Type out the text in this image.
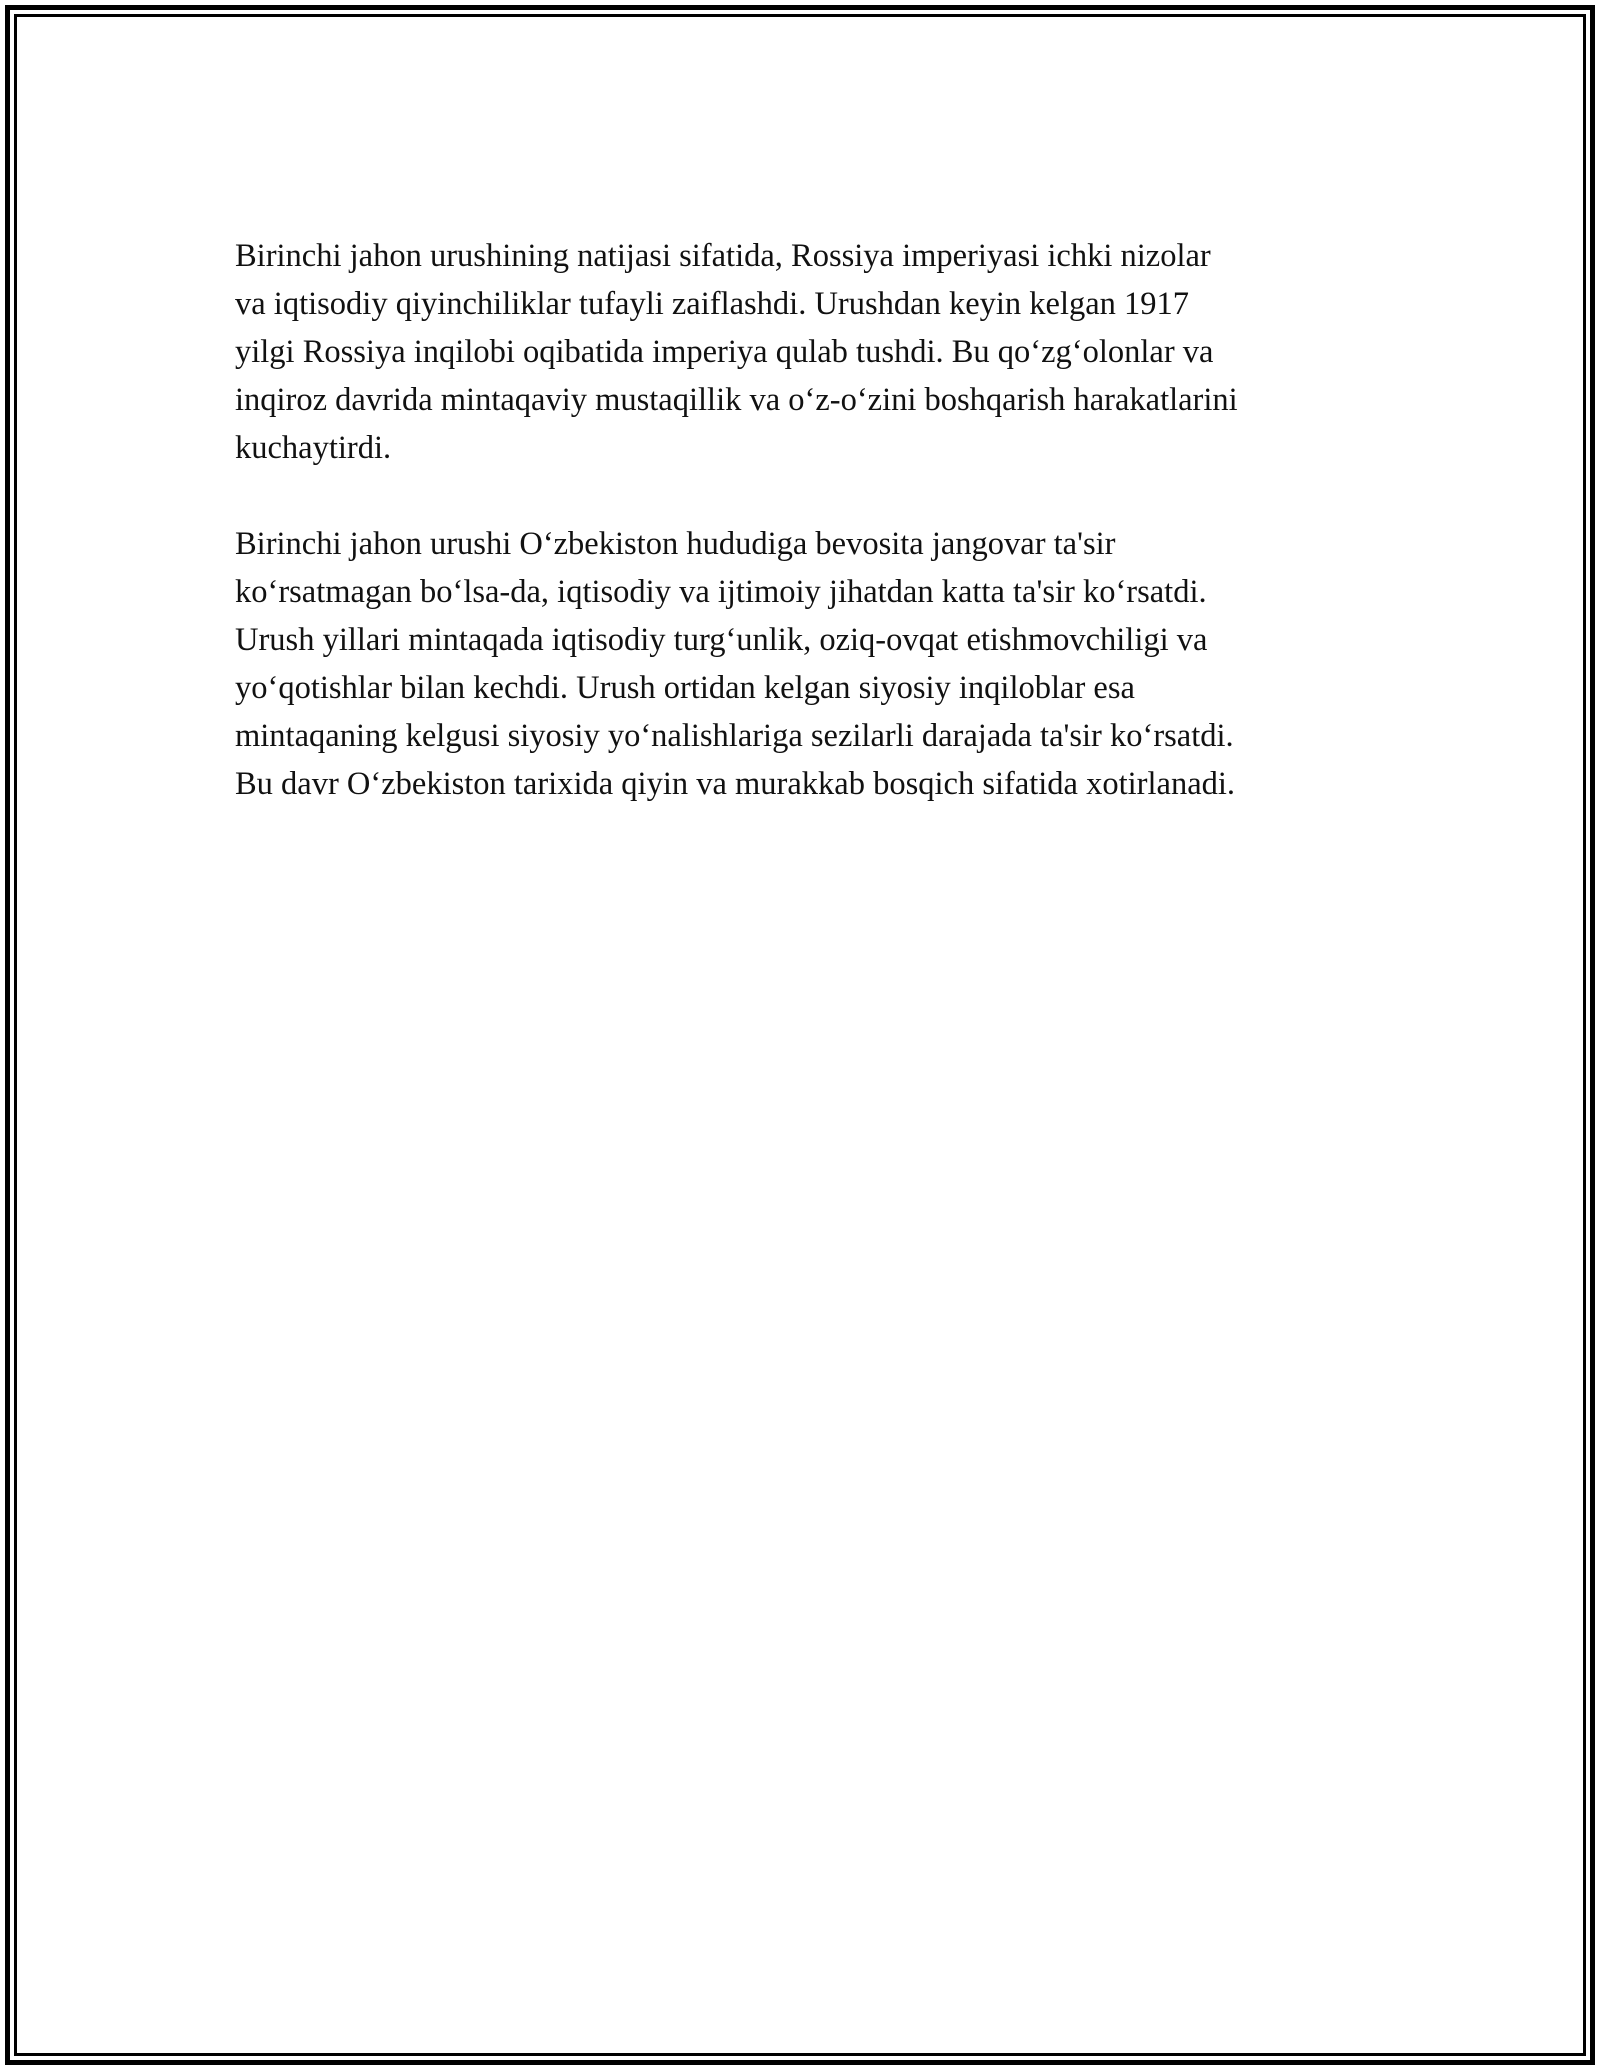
Birinchi jahon urushining natijasi sifatida, Rossiya imperiyasi ichki nizolar
va iqtisodiy qiyinchiliklar tufayli zaiflashdi. Urushdan keyin kelgan 1917
yilgi Rossiya inqilobi oqibatida imperiya qulab tushdi. Bu qo‘zg‘olonlar va
inqiroz davrida mintaqaviy mustaqillik va o‘z-o‘zini boshqarish harakatlarini
kuchaytirdi.

Birinchi jahon urushi O‘zbekiston hududiga bevosita jangovar ta'sir
ko‘rsatmagan bo‘lsa-da, iqtisodiy va ijtimoiy jihatdan katta ta'sir ko‘rsatdi.
Urush yillari mintaqada iqtisodiy turg‘unlik, oziq-ovqat etishmovchiligi va
yo‘qotishlar bilan kechdi. Urush ortidan kelgan siyosiy inqiloblar esa
mintaqaning kelgusi siyosiy yo‘nalishlariga sezilarli darajada ta'sir ko‘rsatdi.
Bu davr O‘zbekiston tarixida qiyin va murakkab bosqich sifatida xotirlanadi.
